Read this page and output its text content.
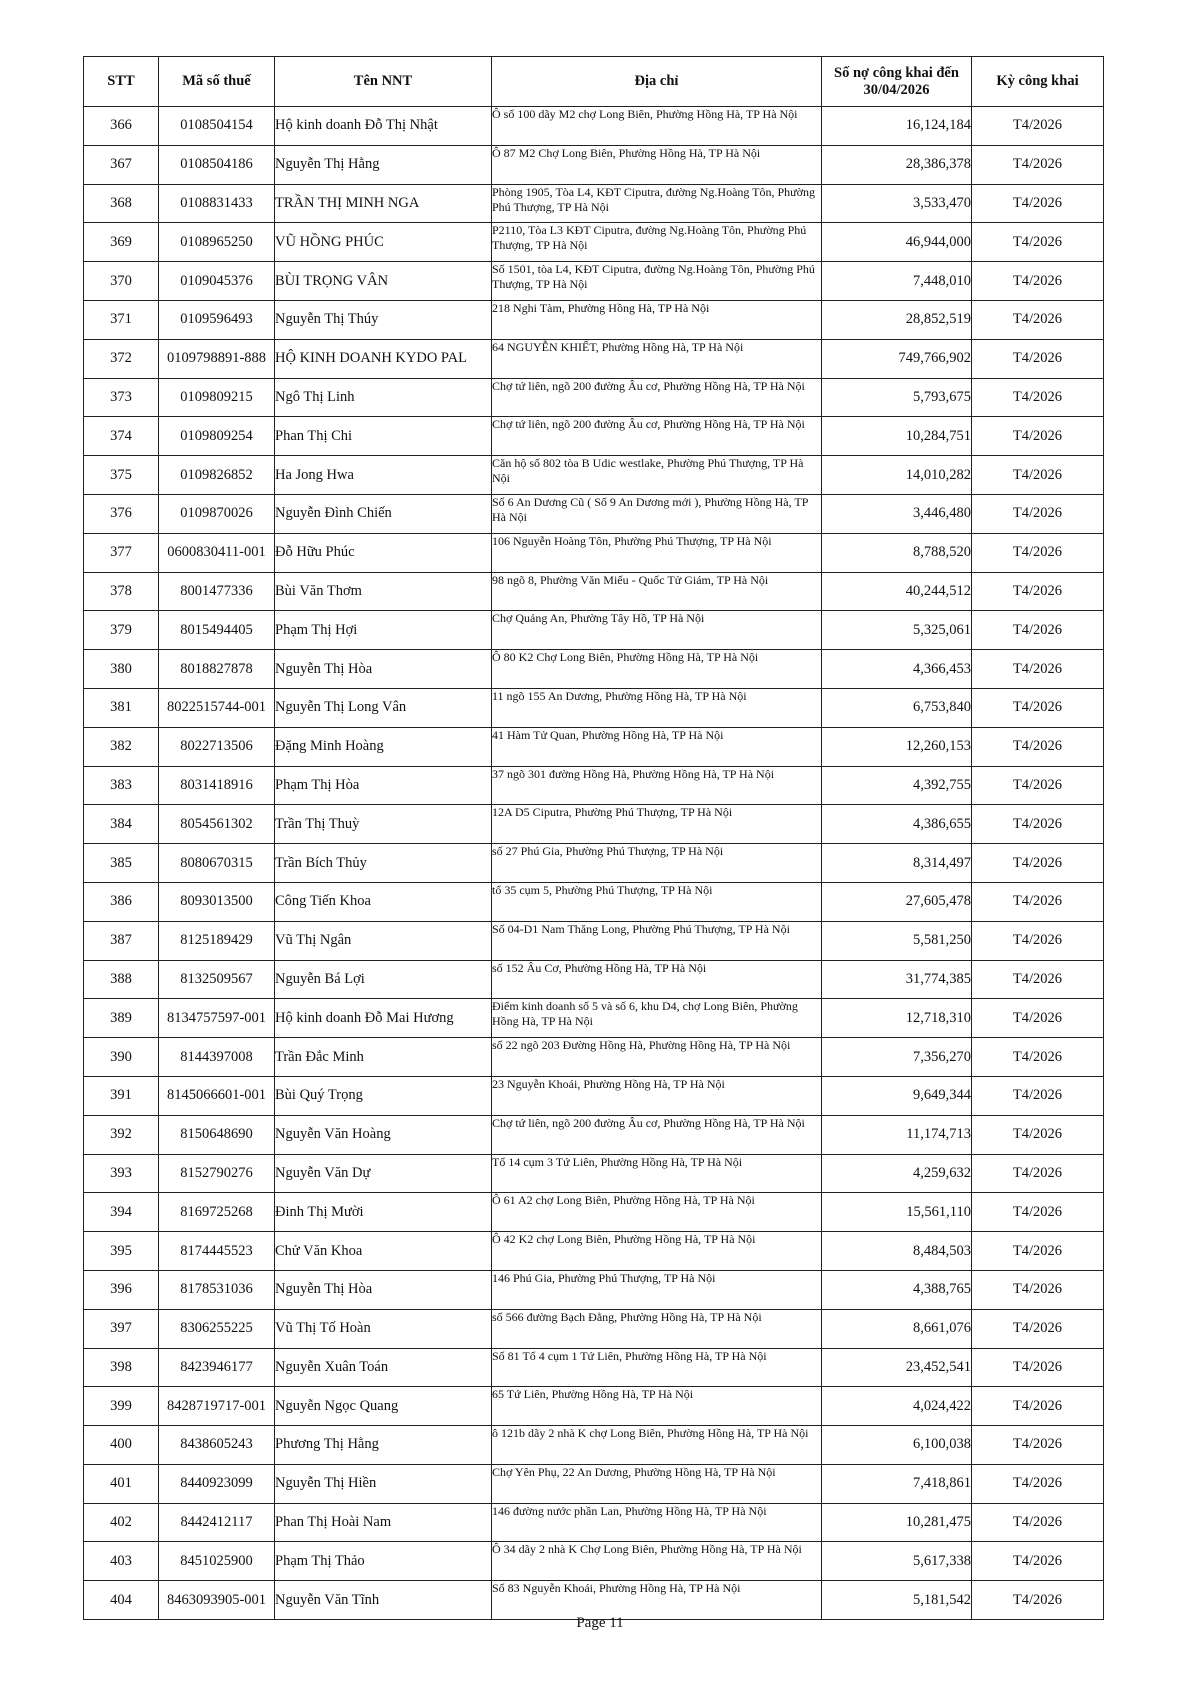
STT	Mã số thuế	Tên NNT	Địa chỉ	Số nợ công khai đến 30/04/2026	Kỳ công khai
366	0108504154	Hộ kinh doanh Đỗ Thị Nhật	Ô số 100 dãy M2 chợ Long Biên, Phường Hồng Hà, TP Hà Nội	16,124,184	T4/2026
367	0108504186	Nguyễn Thị Hằng	Ô 87 M2 Chợ Long Biên, Phường Hồng Hà, TP Hà Nội	28,386,378	T4/2026
368	0108831433	TRẦN THỊ MINH NGA	Phòng 1905, Tòa L4, KĐT Ciputra, đường Ng.Hoàng Tôn, Phường Phú Thượng, TP Hà Nội	3,533,470	T4/2026
369	0108965250	VŨ HỒNG PHÚC	P2110, Tòa L3 KĐT Ciputra, đường Ng.Hoàng Tôn, Phường Phú Thượng, TP Hà Nội	46,944,000	T4/2026
370	0109045376	BÙI TRỌNG VÂN	Số 1501, tòa L4, KĐT Ciputra, đường Ng.Hoàng Tôn, Phường Phú Thượng, TP Hà Nội	7,448,010	T4/2026
371	0109596493	Nguyễn Thị Thúy	218 Nghi Tàm, Phường Hồng Hà, TP Hà Nội	28,852,519	T4/2026
372	0109798891-888	HỘ KINH DOANH KYDO PAL	64 NGUYỄN KHIẾT, Phường Hồng Hà, TP Hà Nội	749,766,902	T4/2026
373	0109809215	Ngô Thị Linh	Chợ tứ liên, ngõ 200 đường Âu cơ, Phường Hồng Hà, TP Hà Nội	5,793,675	T4/2026
374	0109809254	Phan Thị Chi	Chợ tứ liên, ngõ 200 đường Âu cơ, Phường Hồng Hà, TP Hà Nội	10,284,751	T4/2026
375	0109826852	Ha Jong Hwa	Căn hộ số 802 tòa B Udic westlake, Phường Phú Thượng, TP Hà Nội	14,010,282	T4/2026
376	0109870026	Nguyễn Đình Chiến	Số 6 An Dương Cũ ( Số 9 An Dương mới ), Phường Hồng Hà, TP Hà Nội	3,446,480	T4/2026
377	0600830411-001	Đỗ Hữu Phúc	106 Nguyễn Hoàng Tôn, Phường Phú Thượng, TP Hà Nội	8,788,520	T4/2026
378	8001477336	Bùi Văn Thơm	98 ngõ 8, Phường Văn Miếu - Quốc Tử Giám, TP Hà Nội	40,244,512	T4/2026
379	8015494405	Phạm Thị Hợi	Chợ Quảng An, Phường Tây Hồ, TP Hà Nội	5,325,061	T4/2026
380	8018827878	Nguyễn Thị Hòa	Ô 80 K2 Chợ Long Biên, Phường Hồng Hà, TP Hà Nội	4,366,453	T4/2026
381	8022515744-001	Nguyễn Thị Long Vân	11 ngõ 155 An Dương, Phường Hồng Hà, TP Hà Nội	6,753,840	T4/2026
382	8022713506	Đặng Minh Hoàng	41 Hàm Tử Quan, Phường Hồng Hà, TP Hà Nội	12,260,153	T4/2026
383	8031418916	Phạm Thị Hòa	37 ngõ 301 đường Hồng Hà, Phường Hồng Hà, TP Hà Nội	4,392,755	T4/2026
384	8054561302	Trần Thị Thuỳ	12A D5 Ciputra, Phường Phú Thượng, TP Hà Nội	4,386,655	T4/2026
385	8080670315	Trần Bích Thủy	số 27 Phú Gia, Phường Phú Thượng, TP Hà Nội	8,314,497	T4/2026
386	8093013500	Công Tiến Khoa	tổ 35 cụm 5, Phường Phú Thượng, TP Hà Nội	27,605,478	T4/2026
387	8125189429	Vũ Thị Ngân	Số 04-D1 Nam Thăng Long, Phường Phú Thượng, TP Hà Nội	5,581,250	T4/2026
388	8132509567	Nguyễn Bá Lợi	số 152 Âu Cơ, Phường Hồng Hà, TP Hà Nội	31,774,385	T4/2026
389	8134757597-001	Hộ kinh doanh Đỗ Mai Hương	Điểm kinh doanh số 5 và số 6, khu D4, chợ Long Biên, Phường Hồng Hà, TP Hà Nội	12,718,310	T4/2026
390	8144397008	Trần Đắc Minh	số 22 ngõ 203 Đường Hồng Hà, Phường Hồng Hà, TP Hà Nội	7,356,270	T4/2026
391	8145066601-001	Bùi Quý Trọng	23 Nguyễn Khoái, Phường Hồng Hà, TP Hà Nội	9,649,344	T4/2026
392	8150648690	Nguyễn Văn Hoàng	Chợ tứ liên, ngõ 200 đường Âu cơ, Phường Hồng Hà, TP Hà Nội	11,174,713	T4/2026
393	8152790276	Nguyễn Văn Dự	Tổ 14 cụm 3 Tứ Liên, Phường Hồng Hà, TP Hà Nội	4,259,632	T4/2026
394	8169725268	Đinh Thị Mười	Ô 61 A2 chợ Long Biên, Phường Hồng Hà, TP Hà Nội	15,561,110	T4/2026
395	8174445523	Chử Văn Khoa	Ô 42 K2 chợ Long Biên, Phường Hồng Hà, TP Hà Nội	8,484,503	T4/2026
396	8178531036	Nguyễn Thị Hòa	146 Phú Gia, Phường Phú Thượng, TP Hà Nội	4,388,765	T4/2026
397	8306255225	Vũ Thị Tố Hoàn	số 566 đường Bạch Đằng, Phường Hồng Hà, TP Hà Nội	8,661,076	T4/2026
398	8423946177	Nguyễn Xuân Toán	Số 81 Tổ 4 cụm 1 Tứ Liên, Phường Hồng Hà, TP Hà Nội	23,452,541	T4/2026
399	8428719717-001	Nguyễn Ngọc Quang	65 Tứ Liên, Phường Hồng Hà, TP Hà Nội	4,024,422	T4/2026
400	8438605243	Phương Thị Hằng	ô 121b dãy 2 nhà K chợ Long Biên, Phường Hồng Hà, TP Hà Nội	6,100,038	T4/2026
401	8440923099	Nguyễn Thị Hiền	Chợ Yên Phụ, 22 An Dương, Phường Hồng Hà, TP Hà Nội	7,418,861	T4/2026
402	8442412117	Phan Thị Hoài Nam	146 đường nước phần Lan, Phường Hồng Hà, TP Hà Nội	10,281,475	T4/2026
403	8451025900	Phạm Thị Thảo	Ô 34 dãy 2 nhà K Chợ Long Biên, Phường Hồng Hà, TP Hà Nội	5,617,338	T4/2026
404	8463093905-001	Nguyễn Văn Tĩnh	Số 83 Nguyễn Khoái, Phường Hồng Hà, TP Hà Nội	5,181,542	T4/2026
Page 11
